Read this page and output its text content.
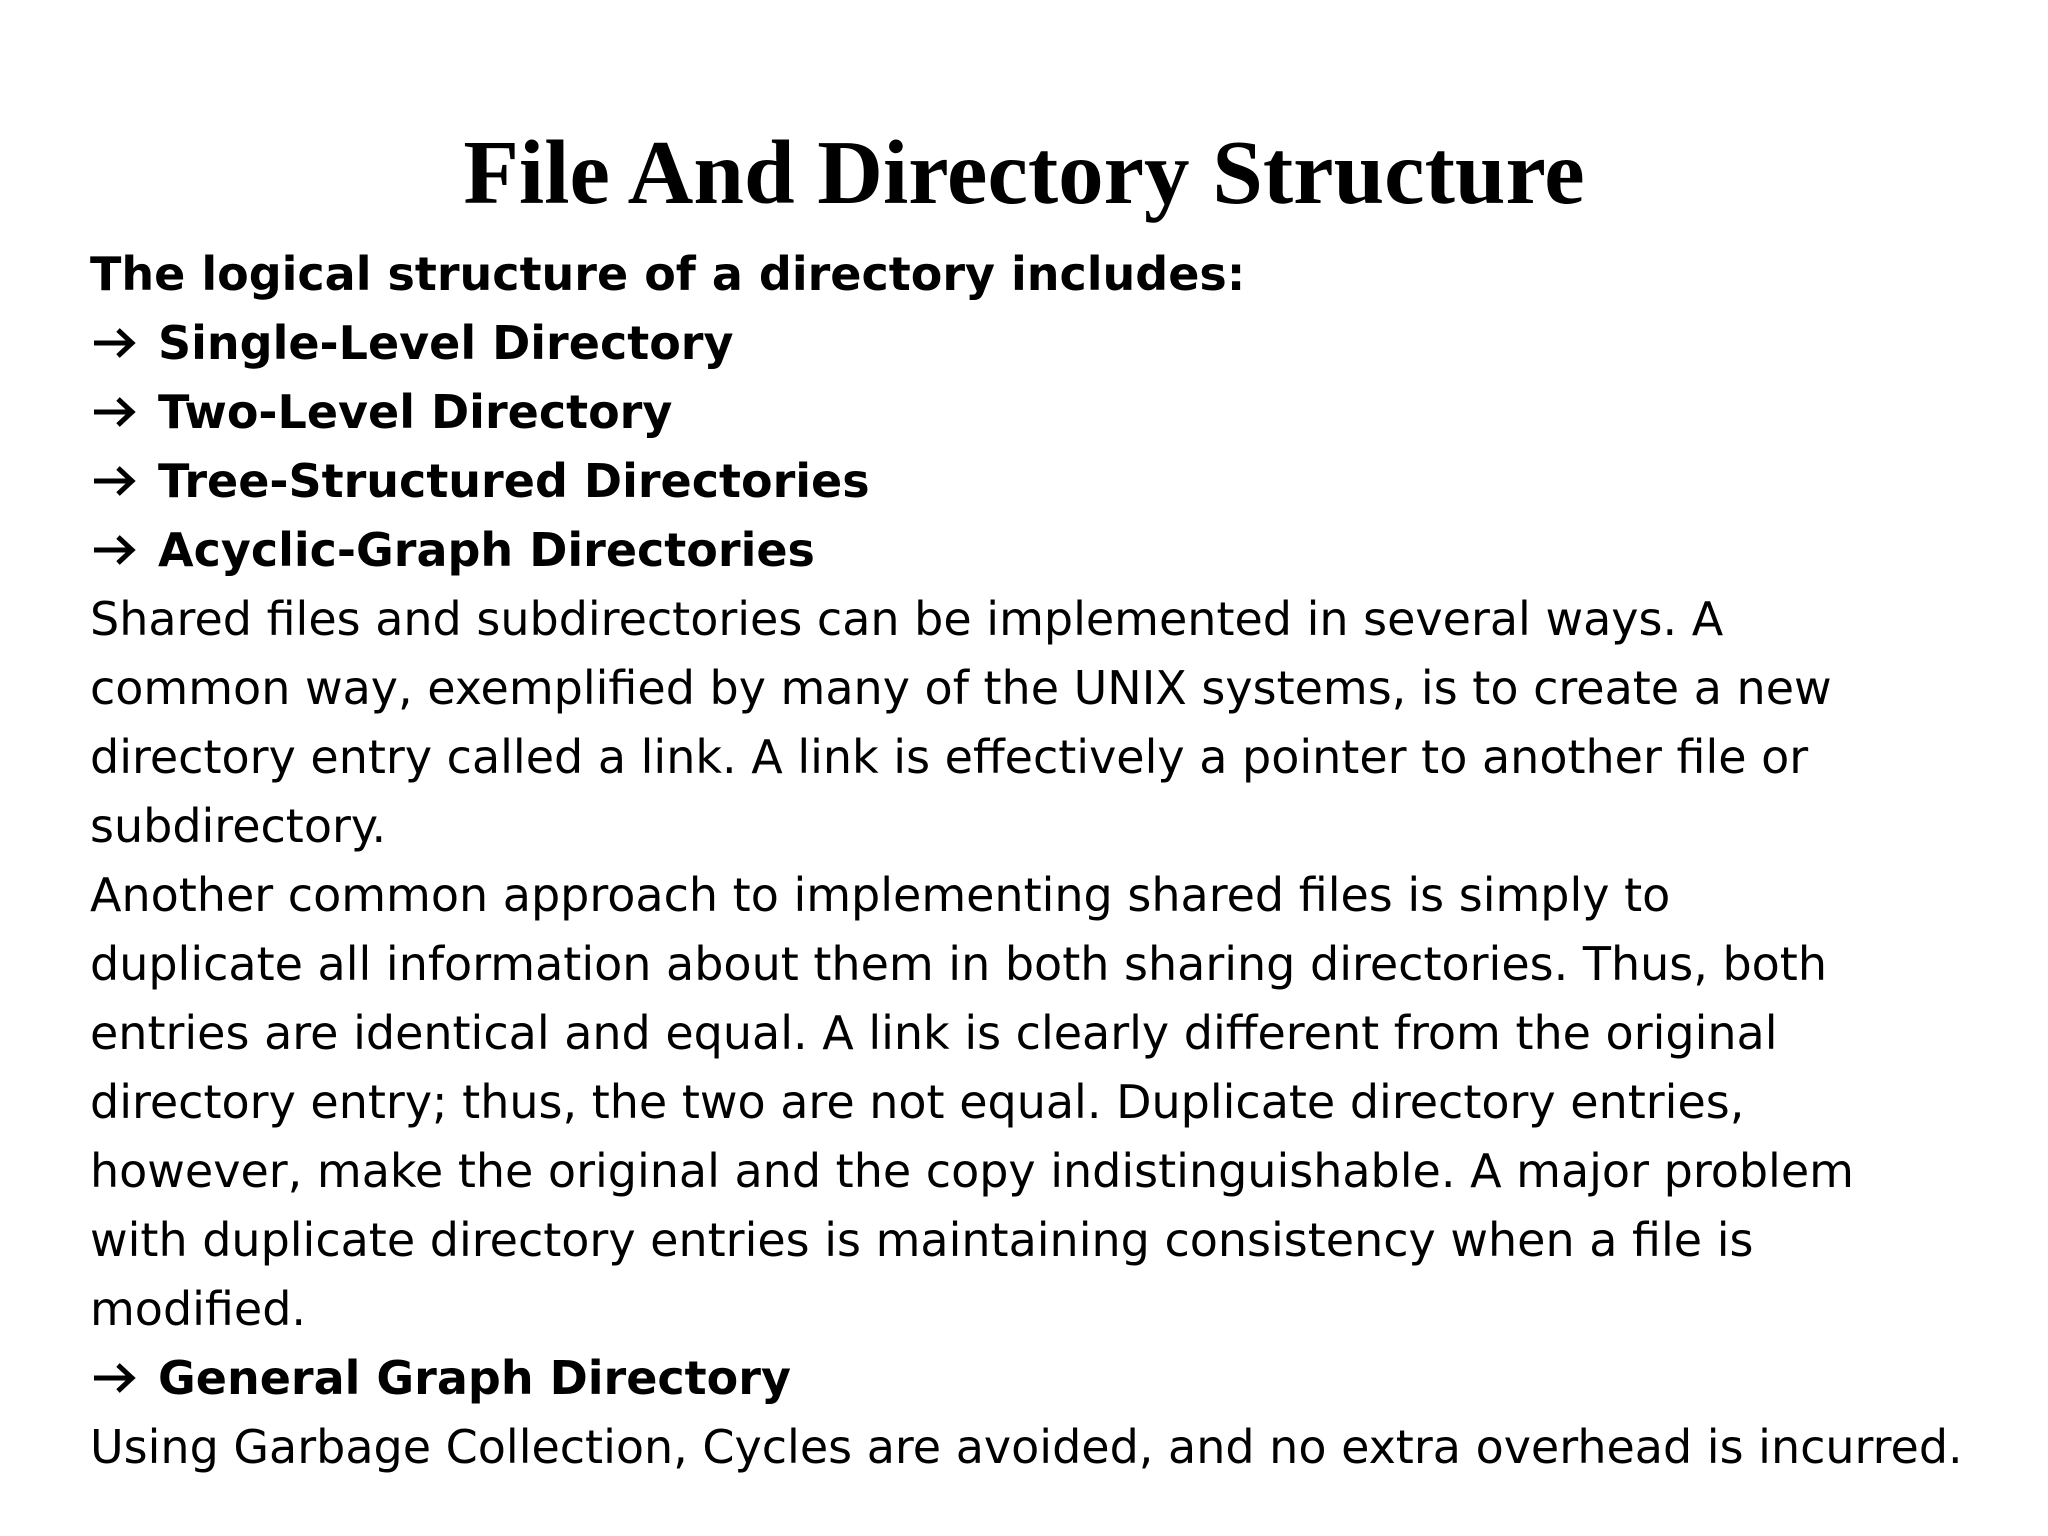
File And Directory Structure
The logical structure of a directory includes:
Single-Level Directory
Two-Level Directory
Tree-Structured Directories
Acyclic-Graph Directories
Shared files and subdirectories can be implemented in several ways. A
common way, exemplified by many of the UNIX systems, is to create a new
directory entry called a link. A link is effectively a pointer to another file or
subdirectory.
Another common approach to implementing shared files is simply to
duplicate all information about them in both sharing directories. Thus, both
entries are identical and equal. A link is clearly different from the original
directory entry; thus, the two are not equal. Duplicate directory entries,
however, make the original and the copy indistinguishable. A major problem
with duplicate directory entries is maintaining consistency when a file is
modified.
General Graph Directory
Using Garbage Collection, Cycles are avoided, and no extra overhead is incurred.
